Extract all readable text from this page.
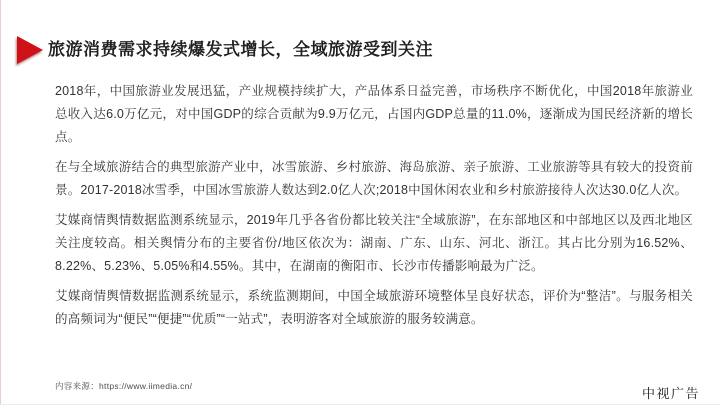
旅游消费需求持续爆发式增长，全域旅游受到关注

2018年，中国旅游业发展迅猛，产业规模持续扩大，产品体系日益完善，市场秩序不断优化，中国2018年旅游业总收入达6.0万亿元，对中国GDP的综合贡献为9.9万亿元，占国内GDP总量的11.0%，逐渐成为国民经济新的增长点。

在与全域旅游结合的典型旅游产业中，冰雪旅游、乡村旅游、海岛旅游、亲子旅游、工业旅游等具有较大的投资前景。2017-2018冰雪季，中国冰雪旅游人数达到2.0亿人次;2018中国休闲农业和乡村旅游接待人次达30.0亿人次。

艾媒商情舆情数据监测系统显示，2019年几乎各省份都比较关注“全域旅游”，在东部地区和中部地区以及西北地区关注度较高。相关舆情分布的主要省份/地区依次为：湖南、广东、山东、河北、浙江。其占比分别为16.52%、8.22%、5.23%、5.05%和4.55%。其中，在湖南的衡阳市、长沙市传播影响最为广泛。

艾媒商情舆情数据监测系统显示，系统监测期间，中国全域旅游环境整体呈良好状态，评价为“整洁”。与服务相关的高频词为“便民”“便捷”“优质”“一站式”，表明游客对全域旅游的服务较满意。

内容来源：https://www.iimedia.cn/	中视广告
